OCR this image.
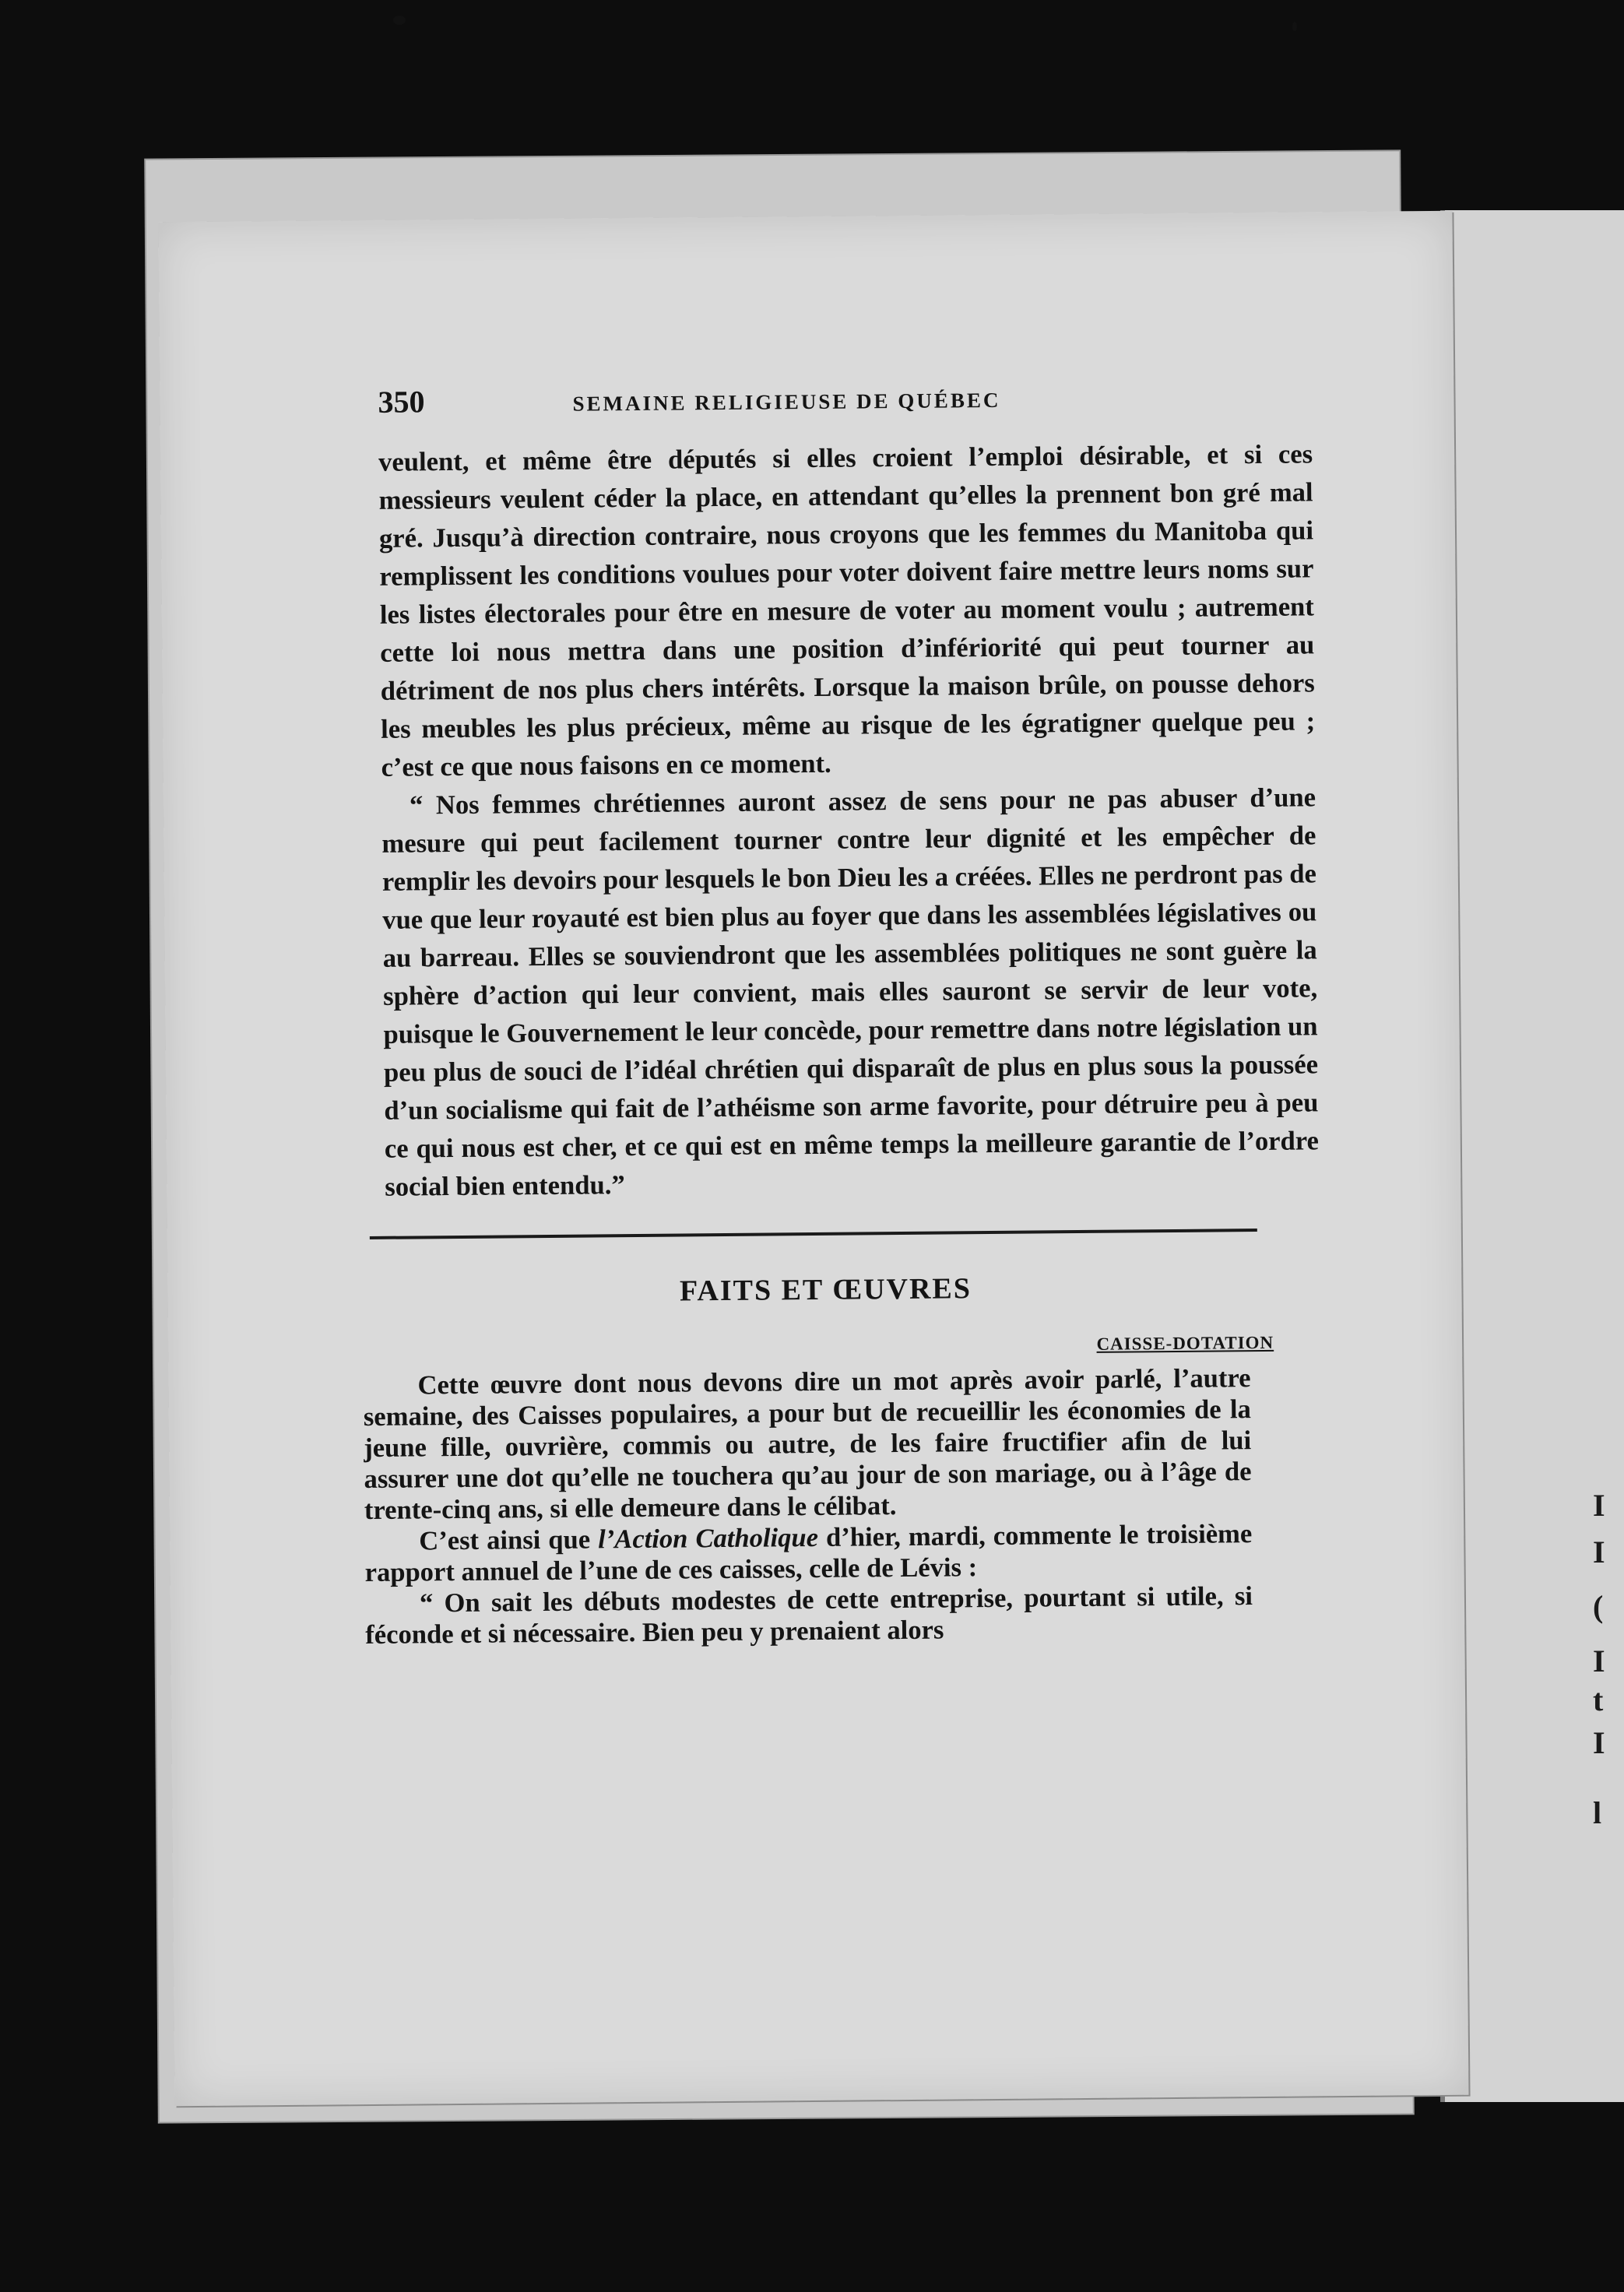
I
I
(
I
t
I
l
350	SEMAINE RELIGIEUSE DE QUÉBEC

veulent, et même être députés si elles croient l’emploi désirable, et si ces messieurs veulent céder la place, en attendant qu’elles la prennent bon gré mal gré. Jusqu’à direction contraire, nous croyons que les femmes du Manitoba qui remplissent les conditions voulues pour voter doivent faire mettre leurs noms sur les listes électorales pour être en mesure de voter au moment voulu ; autrement cette loi nous mettra dans une position d’infériorité qui peut tourner au détriment de nos plus chers intérêts. Lorsque la maison brûle, on pousse dehors les meubles les plus précieux, même au risque de les égratigner quelque peu ; c’est ce que nous faisons en ce moment.

“ Nos femmes chrétiennes auront assez de sens pour ne pas abuser d’une mesure qui peut facilement tourner contre leur dignité et les empêcher de remplir les devoirs pour lesquels le bon Dieu les a créées. Elles ne perdront pas de vue que leur royauté est bien plus au foyer que dans les assemblées législatives ou au barreau. Elles se souviendront que les assemblées politiques ne sont guère la sphère d’action qui leur convient, mais elles sauront se servir de leur vote, puisque le Gouvernement le leur concède, pour remettre dans notre législation un peu plus de souci de l’idéal chrétien qui disparaît de plus en plus sous la poussée d’un socialisme qui fait de l’athéisme son arme favorite, pour détruire peu à peu ce qui nous est cher, et ce qui est en même temps la meilleure garantie de l’ordre social bien entendu.”

FAITS ET ŒUVRES
CAISSE-DOTATION

Cette œuvre dont nous devons dire un mot après avoir parlé, l’autre semaine, des Caisses populaires, a pour but de recueillir les économies de la jeune fille, ouvrière, commis ou autre, de les faire fructifier afin de lui assurer une dot qu’elle ne touchera qu’au jour de son mariage, ou à l’âge de trente-cinq ans, si elle demeure dans le célibat.

C’est ainsi que l’Action Catholique d’hier, mardi, commente le troisième rapport annuel de l’une de ces caisses, celle de Lévis :

“ On sait les débuts modestes de cette entreprise, pourtant si utile, si féconde et si nécessaire. Bien peu y prenaient alors
